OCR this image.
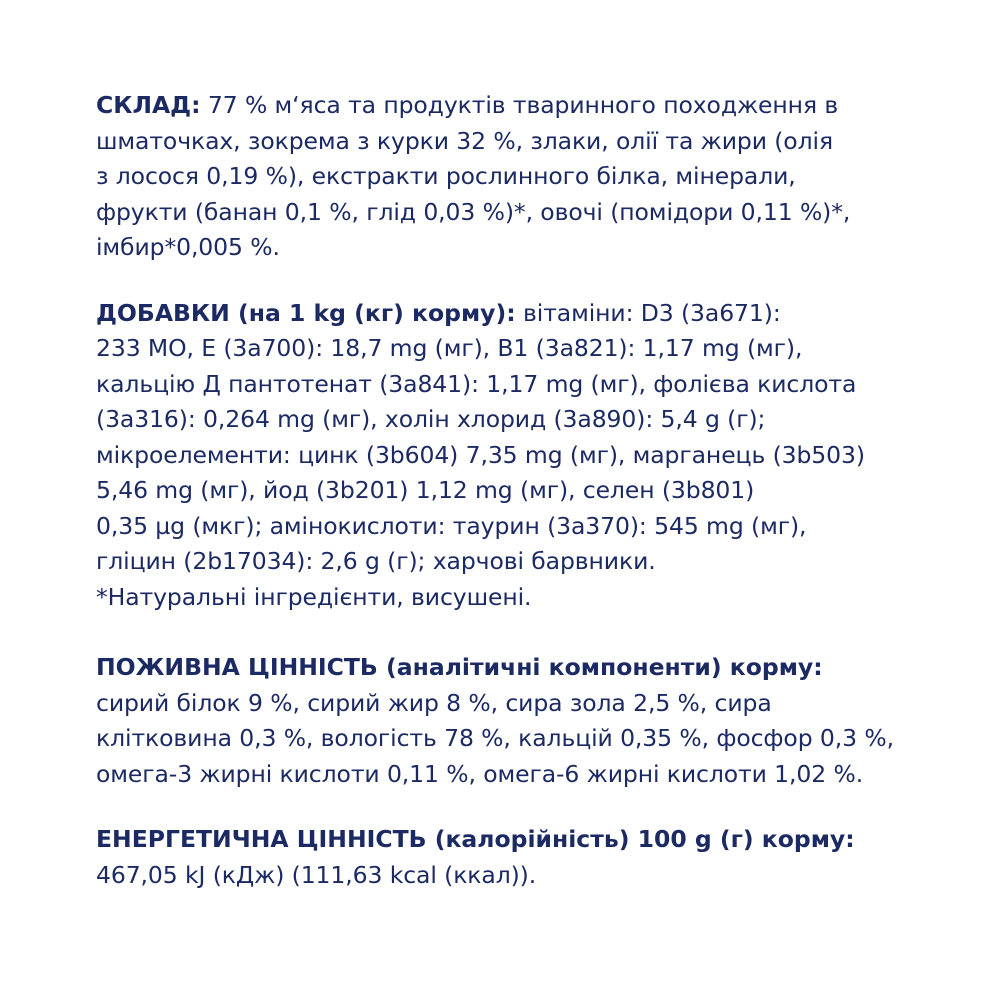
СКЛАД: 77 % м‘яса та продуктів тваринного походження в
шматочках, зокрема з курки 32 %, злаки, олії та жири (олія
з лосося 0,19 %), екстракти рослинного білка, мінерали,
фрукти (банан 0,1 %, глід 0,03 %)*, овочі (помідори 0,11 %)*,
імбир*0,005 %.
ДОБАВКИ (на 1 kg (кг) корму): вітаміни: D3 (3a671):
233 МО, Е (3a700): 18,7 mg (мг), В1 (3a821): 1,17 mg (мг),
кальцію Д пантотенат (3a841): 1,17 mg (мг), фолієва кислота
(3a316): 0,264 mg (мг), холін хлорид (3a890): 5,4 g (г);
мікроелементи: цинк (3b604) 7,35 mg (мг), марганець (3b503)
5,46 mg (мг), йод (3b201) 1,12 mg (мг), селен (3b801)
0,35 µg (мкг); амінокислоти: таурин (3a370): 545 mg (мг),
гліцин (2b17034): 2,6 g (г); харчові барвники.
*Натуральні інгредієнти, висушені.
ПОЖИВНА ЦІННІСТЬ (аналітичні компоненти) корму:
сирий білок 9 %, сирий жир 8 %, сира зола 2,5 %, сира
клітковина 0,3 %, вологість 78 %, кальцій 0,35 %, фосфор 0,3 %,
омега-3 жирні кислоти 0,11 %, омега-6 жирні кислоти 1,02 %.
ЕНЕРГЕТИЧНА ЦІННІСТЬ (калорійність) 100 g (г) корму:
467,05 kJ (кДж) (111,63 kcal (ккал)).
